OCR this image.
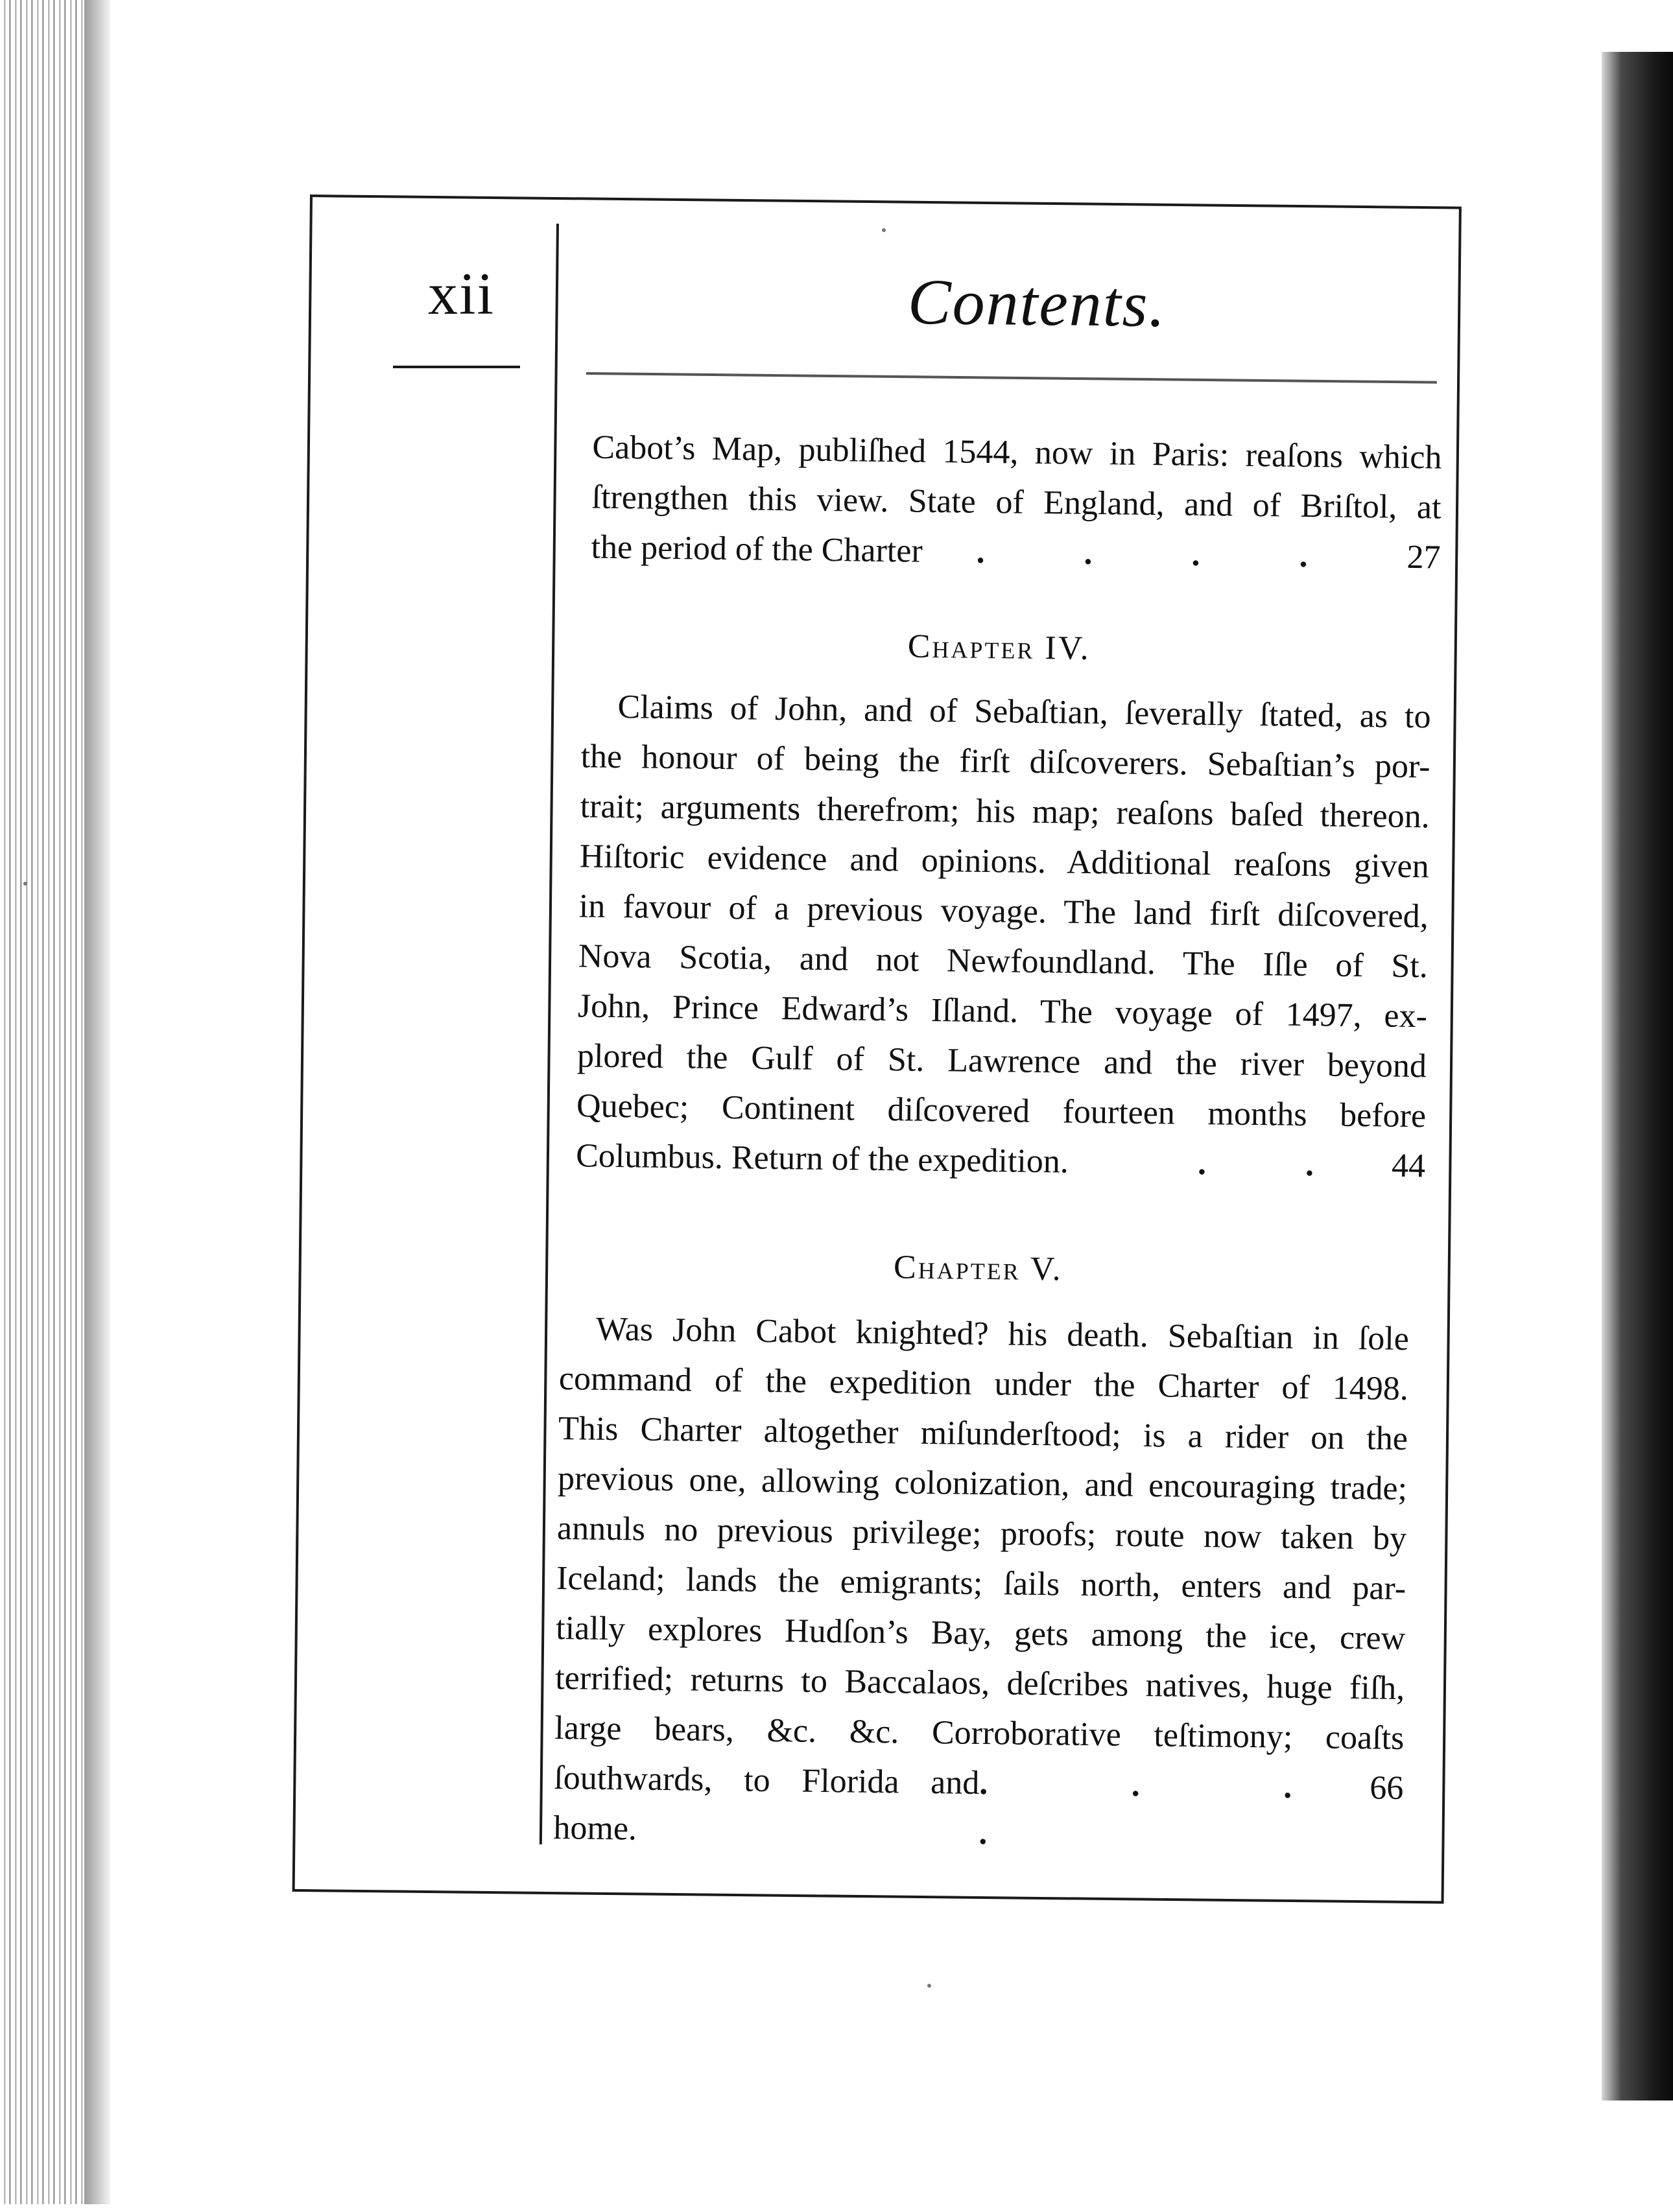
xii	Contents.
Cabot’s Map, publiſhed 1544, now in Paris: reaſons which
ſtrengthen this view. State of England, and of Briſtol, at
the period of the Charter . . . . 27
Chapter IV.
Claims of John, and of Sebaſtian, ſeverally ſtated, as to
the honour of being the firſt diſcoverers. Sebaſtian’s por-
trait; arguments therefrom; his map; reaſons baſed thereon.
Hiſtoric evidence and opinions. Additional reaſons given
in favour of a previous voyage. The land firſt diſcovered,
Nova Scotia, and not Newfoundland. The Iſle of St.
John, Prince Edward’s Iſland. The voyage of 1497, ex-
plored the Gulf of St. Lawrence and the river beyond
Quebec; Continent diſcovered fourteen months before
Columbus. Return of the expedition.	. . 44
Chapter V.
Was John Cabot knighted? his death. Sebaſtian in ſole
command of the expedition under the Charter of 1498.
This Charter altogether miſunderſtood; is a rider on the
previous one, allowing colonization, and encouraging trade;
annuls no previous privilege; proofs; route now taken by
Iceland; lands the emigrants; ſails north, enters and par-
tially explores Hudſon’s Bay, gets among the ice, crew
terrified; returns to Baccalaos, deſcribes natives, huge fiſh,
large bears, &c. &c. Corroborative teſtimony; coaſts
ſouthwards, to Florida and home.
. . . .
66
